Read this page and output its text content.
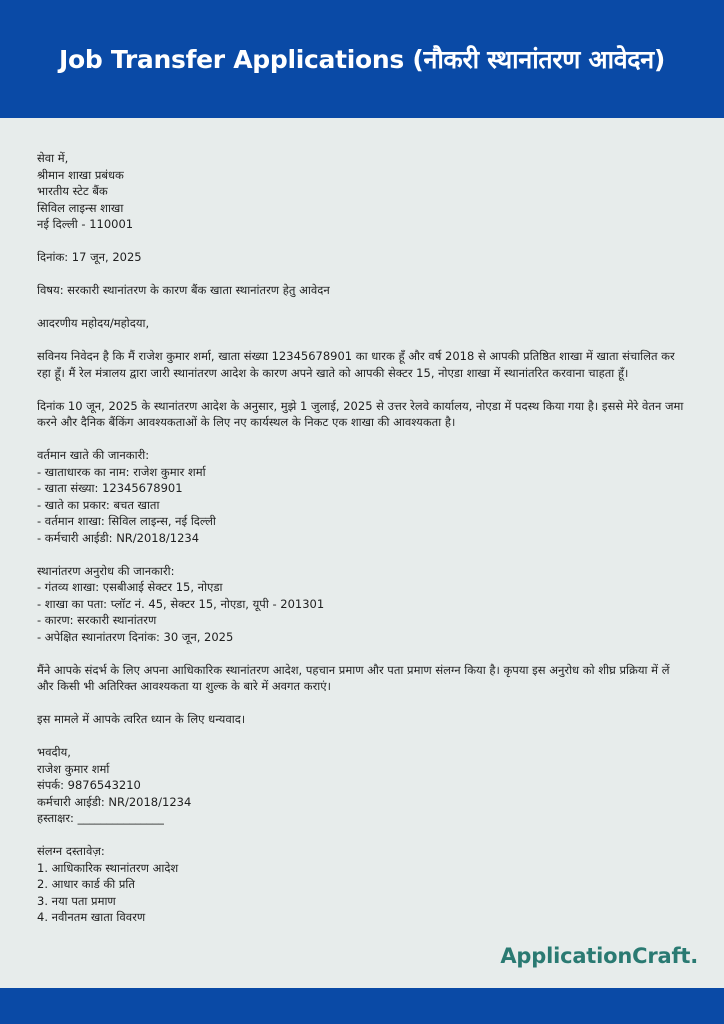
Job Transfer Applications (नौकरी स्थानांतरण आवेदन)
सेवा में,
श्रीमान शाखा प्रबंधक
भारतीय स्टेट बैंक
सिविल लाइन्स शाखा
नई दिल्ली - 110001
दिनांक: 17 जून, 2025
विषय: सरकारी स्थानांतरण के कारण बैंक खाता स्थानांतरण हेतु आवेदन
आदरणीय महोदय/महोदया,
सविनय निवेदन है कि मैं राजेश कुमार शर्मा, खाता संख्या 12345678901 का धारक हूँ और वर्ष 2018 से आपकी प्रतिष्ठित शाखा में खाता संचालित कर रहा हूँ। मैं रेल मंत्रालय द्वारा जारी स्थानांतरण आदेश के कारण अपने खाते को आपकी सेक्टर 15, नोएडा शाखा में स्थानांतरित करवाना चाहता हूँ।
दिनांक 10 जून, 2025 के स्थानांतरण आदेश के अनुसार, मुझे 1 जुलाई, 2025 से उत्तर रेलवे कार्यालय, नोएडा में पदस्थ किया गया है। इससे मेरे वेतन जमा करने और दैनिक बैंकिंग आवश्यकताओं के लिए नए कार्यस्थल के निकट एक शाखा की आवश्यकता है।
वर्तमान खाते की जानकारी:
- खाताधारक का नाम: राजेश कुमार शर्मा
- खाता संख्या: 12345678901
- खाते का प्रकार: बचत खाता
- वर्तमान शाखा: सिविल लाइन्स, नई दिल्ली
- कर्मचारी आईडी: NR/2018/1234
स्थानांतरण अनुरोध की जानकारी:
- गंतव्य शाखा: एसबीआई सेक्टर 15, नोएडा
- शाखा का पता: प्लॉट नं. 45, सेक्टर 15, नोएडा, यूपी - 201301
- कारण: सरकारी स्थानांतरण
- अपेक्षित स्थानांतरण दिनांक: 30 जून, 2025
मैंने आपके संदर्भ के लिए अपना आधिकारिक स्थानांतरण आदेश, पहचान प्रमाण और पता प्रमाण संलग्न किया है। कृपया इस अनुरोध को शीघ्र प्रक्रिया में लें और किसी भी अतिरिक्त आवश्यकता या शुल्क के बारे में अवगत कराएं।
इस मामले में आपके त्वरित ध्यान के लिए धन्यवाद।
भवदीय,
राजेश कुमार शर्मा
संपर्क: 9876543210
कर्मचारी आईडी: NR/2018/1234
हस्ताक्षर: _______________
संलग्न दस्तावेज़:
1. आधिकारिक स्थानांतरण आदेश
2. आधार कार्ड की प्रति
3. नया पता प्रमाण
4. नवीनतम खाता विवरण
ApplicationCraft.
